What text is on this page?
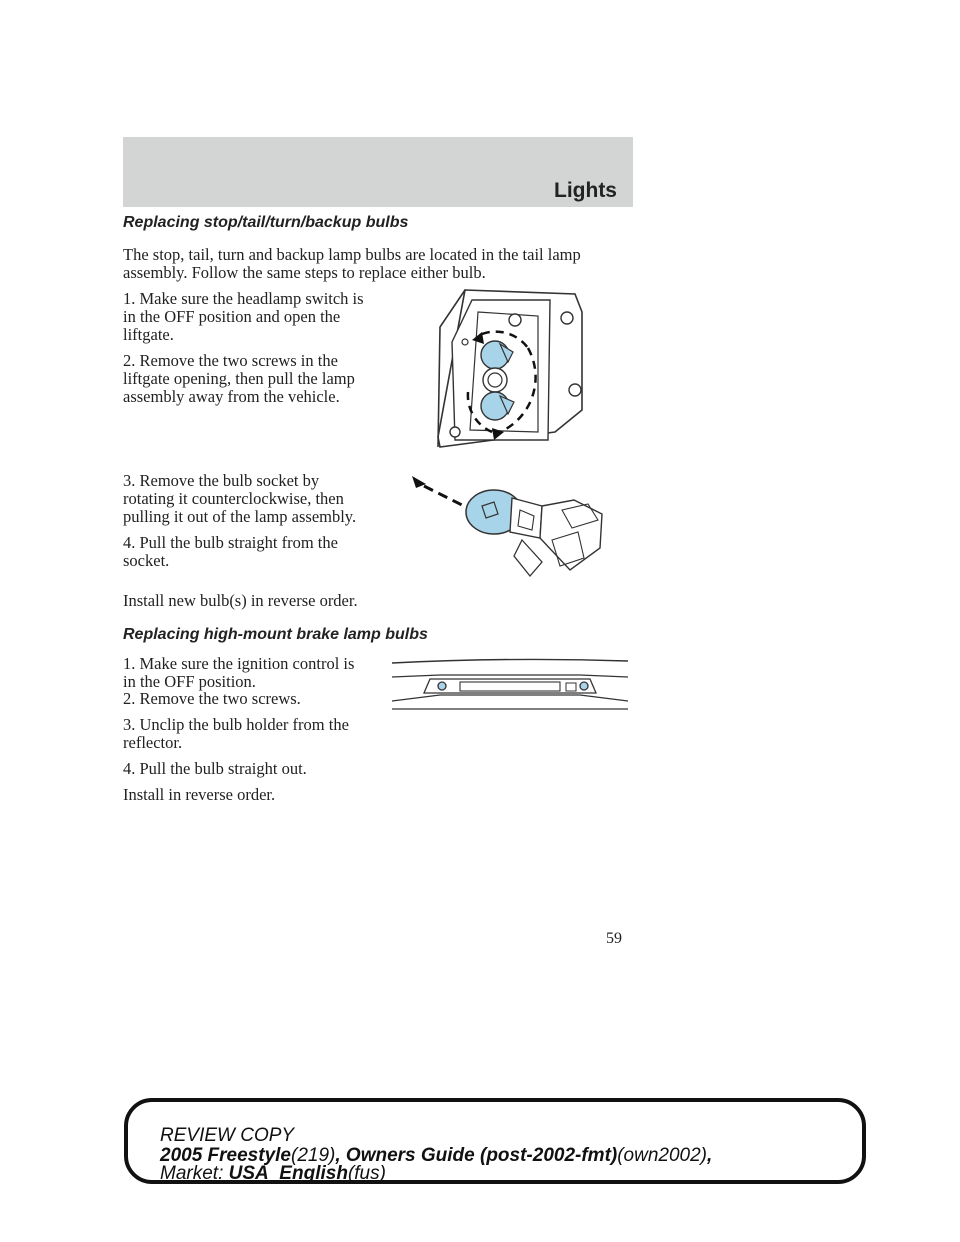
Lights
Replacing stop/tail/turn/backup bulbs
The stop, tail, turn and backup lamp bulbs are located in the tail lamp
assembly. Follow the same steps to replace either bulb.
1. Make sure the headlamp switch is
in the OFF position and open the
liftgate.
2. Remove the two screws in the
liftgate opening, then pull the lamp
assembly away from the vehicle.
3. Remove the bulb socket by
rotating it counterclockwise, then
pulling it out of the lamp assembly.
4. Pull the bulb straight from the
socket.
Install new bulb(s) in reverse order.
Replacing high-mount brake lamp bulbs
1. Make sure the ignition control is
in the OFF position.
2. Remove the two screws.
3. Unclip the bulb holder from the
reflector.
4. Pull the bulb straight out.
Install in reverse order.
59
REVIEW COPY
2005 Freestyle(219), Owners Guide (post-2002-fmt)(own2002),
Market: USA_English(fus)
